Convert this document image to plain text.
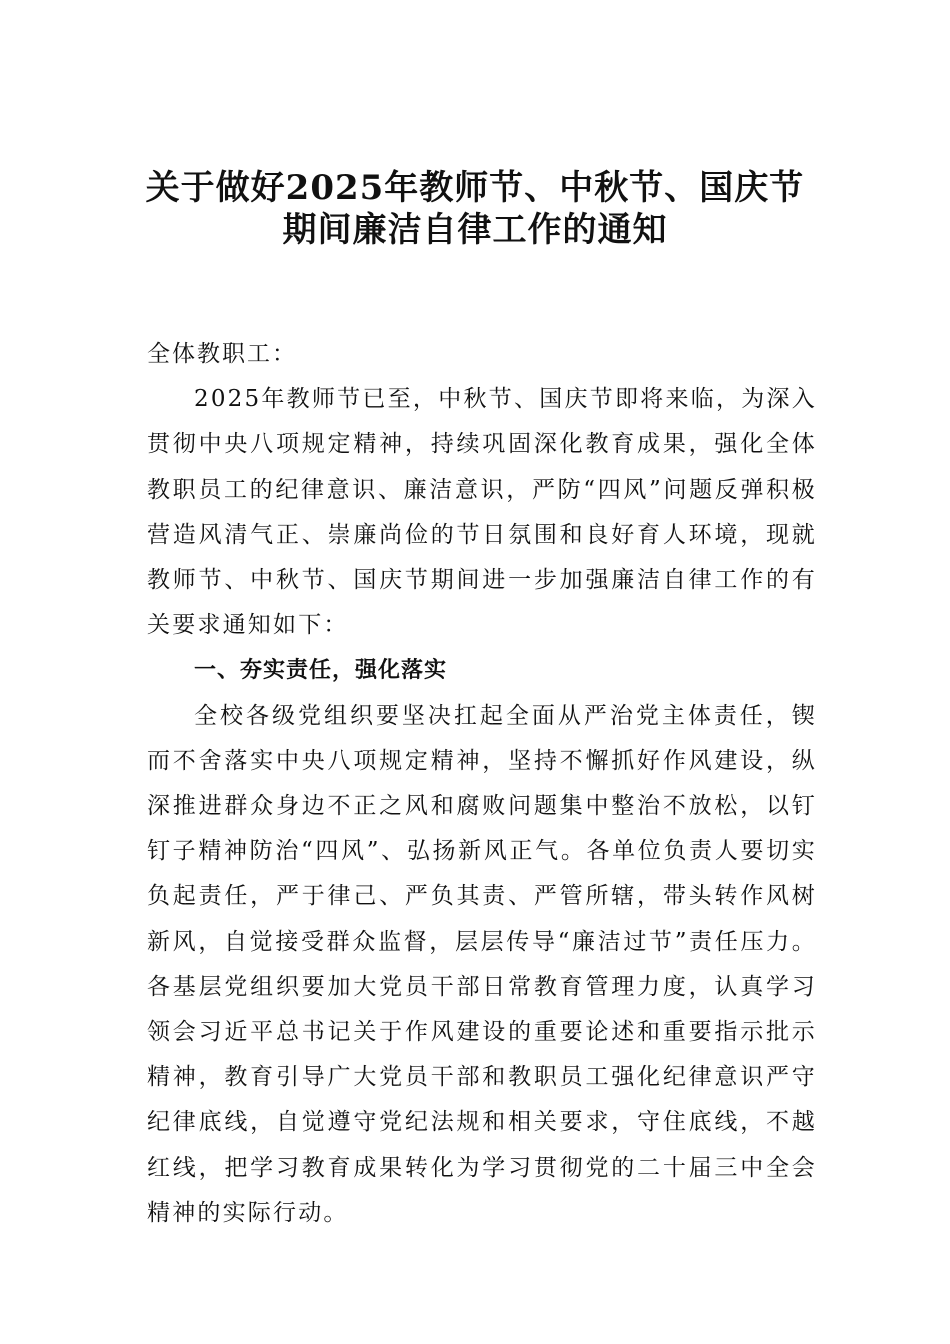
关于做好2025年教师节、中秋节、国庆节
期间廉洁自律工作的通知

全体教职工：

2025年教师节已至，中秋节、国庆节即将来临，为深入贯彻中央八项规定精神，持续巩固深化教育成果，强化全体教职员工的纪律意识、廉洁意识，严防“四风”问题反弹积极营造风清气正、崇廉尚俭的节日氛围和良好育人环境，现就教师节、中秋节、国庆节期间进一步加强廉洁自律工作的有关要求通知如下：

一、夯实责任，强化落实

全校各级党组织要坚决扛起全面从严治党主体责任，锲而不舍落实中央八项规定精神，坚持不懈抓好作风建设，纵深推进群众身边不正之风和腐败问题集中整治不放松，以钉钉子精神防治“四风”、弘扬新风正气。各单位负责人要切实负起责任，严于律己、严负其责、严管所辖，带头转作风树新风，自觉接受群众监督，层层传导“廉洁过节”责任压力。各基层党组织要加大党员干部日常教育管理力度，认真学习领会习近平总书记关于作风建设的重要论述和重要指示批示精神，教育引导广大党员干部和教职员工强化纪律意识严守纪律底线，自觉遵守党纪法规和相关要求，守住底线，不越红线，把学习教育成果转化为学习贯彻党的二十届三中全会精神的实际行动。
